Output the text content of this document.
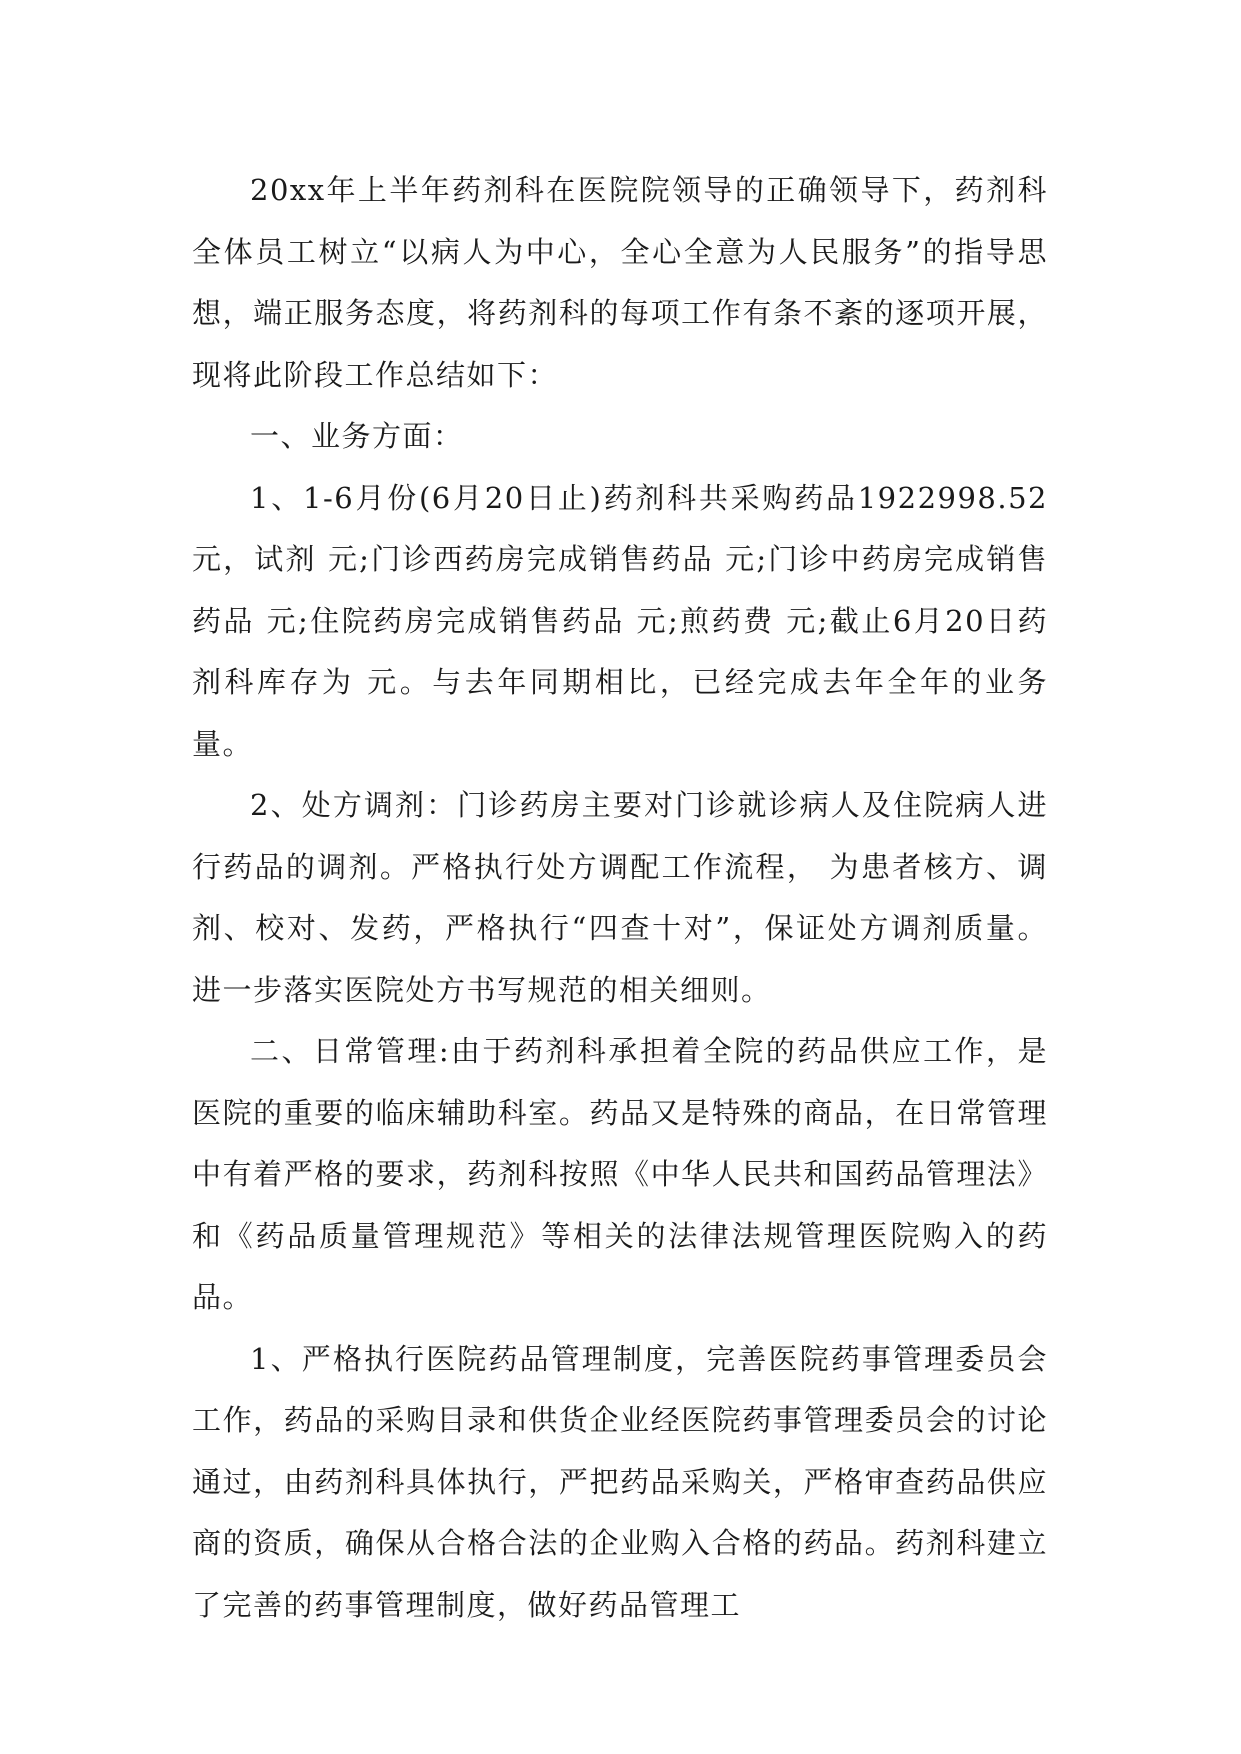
20xx年上半年药剂科在医院院领导的正确领导下，药剂科全体员工树立“以病人为中心，全心全意为人民服务”的指导思想，端正服务态度，将药剂科的每项工作有条不紊的逐项开展，现将此阶段工作总结如下：

一、业务方面：

1、1-6月份(6月20日止)药剂科共采购药品1922998.52元，试剂 元;门诊西药房完成销售药品 元;门诊中药房完成销售药品 元;住院药房完成销售药品 元;煎药费 元;截止6月20日药剂科库存为 元。与去年同期相比，已经完成去年全年的业务量。

2、处方调剂：门诊药房主要对门诊就诊病人及住院病人进行药品的调剂。严格执行处方调配工作流程， 为患者核方、调剂、校对、发药，严格执行“四查十对”，保证处方调剂质量。进一步落实医院处方书写规范的相关细则。

二、日常管理:由于药剂科承担着全院的药品供应工作，是医院的重要的临床辅助科室。药品又是特殊的商品，在日常管理中有着严格的要求，药剂科按照《中华人民共和国药品管理法》和《药品质量管理规范》等相关的法律法规管理医院购入的药品。

1、严格执行医院药品管理制度，完善医院药事管理委员会工作，药品的采购目录和供货企业经医院药事管理委员会的讨论通过，由药剂科具体执行，严把药品采购关，严格审查药品供应商的资质，确保从合格合法的企业购入合格的药品。药剂科建立了完善的药事管理制度，做好药品管理工
